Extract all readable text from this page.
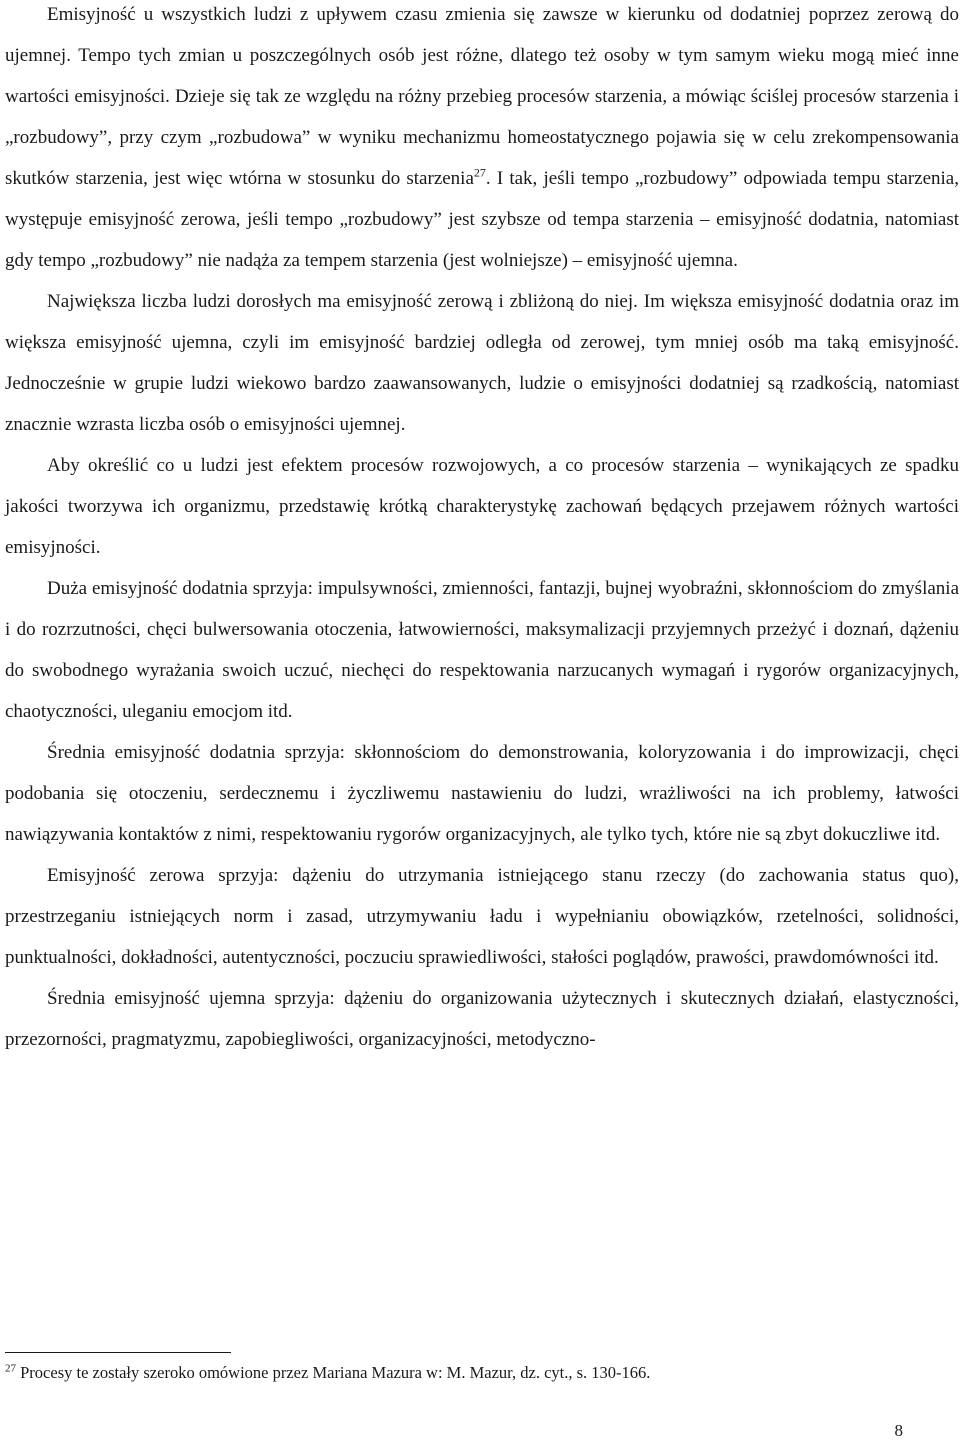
Emisyjność u wszystkich ludzi z upływem czasu zmienia się zawsze w kierunku od dodatniej poprzez zerową do ujemnej. Tempo tych zmian u poszczególnych osób jest różne, dlatego też osoby w tym samym wieku mogą mieć inne wartości emisyjności. Dzieje się tak ze względu na różny przebieg procesów starzenia, a mówiąc ściślej procesów starzenia i „rozbudowy”, przy czym „rozbudowa” w wyniku mechanizmu homeostatycznego pojawia się w celu zrekompensowania skutków starzenia, jest więc wtórna w stosunku do starzenia$^{27}$. I tak, jeśli tempo „rozbudowy” odpowiada tempu starzenia, występuje emisyjność zerowa, jeśli tempo „rozbudowy” jest szybsze od tempa starzenia – emisyjność dodatnia, natomiast gdy tempo „rozbudowy” nie nadąża za tempem starzenia (jest wolniejsze) – emisyjność ujemna.

Największa liczba ludzi dorosłych ma emisyjność zerową i zbliżoną do niej. Im większa emisyjność dodatnia oraz im większa emisyjność ujemna, czyli im emisyjność bardziej odległa od zerowej, tym mniej osób ma taką emisyjność. Jednocześnie w grupie ludzi wiekowo bardzo zaawansowanych, ludzie o emisyjności dodatniej są rzadkością, natomiast znacznie wzrasta liczba osób o emisyjności ujemnej.

Aby określić co u ludzi jest efektem procesów rozwojowych, a co procesów starzenia – wynikających ze spadku jakości tworzywa ich organizmu, przedstawię krótką charakterystykę zachowań będących przejawem różnych wartości emisyjności.

Duża emisyjność dodatnia sprzyja: impulsywności, zmienności, fantazji, bujnej wyobraźni, skłonnościom do zmyślania i do rozrzutności, chęci bulwersowania otoczenia, łatwowierności, maksymalizacji przyjemnych przeżyć i doznań, dążeniu do swobodnego wyrażania swoich uczuć, niechęci do respektowania narzucanych wymagań i rygorów organizacyjnych, chaotyczności, uleganiu emocjom itd.

Średnia emisyjność dodatnia sprzyja: skłonnościom do demonstrowania, koloryzowania i do improwizacji, chęci podobania się otoczeniu, serdecznemu i życzliwemu nastawieniu do ludzi, wrażliwości na ich problemy, łatwości nawiązywania kontaktów z nimi, respektowaniu rygorów organizacyjnych, ale tylko tych, które nie są zbyt dokuczliwe itd.

Emisyjność zerowa sprzyja: dążeniu do utrzymania istniejącego stanu rzeczy (do zachowania status quo), przestrzeganiu istniejących norm i zasad, utrzymywaniu ładu i wypełnianiu obowiązków, rzetelności, solidności, punktualności, dokładności, autentyczności, poczuciu sprawiedliwości, stałości poglądów, prawości, prawdomówności itd.

Średnia emisyjność ujemna sprzyja: dążeniu do organizowania użytecznych i skutecznych działań, elastyczności, przezorności, pragmatyzmu, zapobiegliwości, organizacyjności, metodyczno-

$^{27}$ Procesy te zostały szeroko omówione przez Mariana Mazura w: M. Mazur, dz. cyt., s. 130-166.
8
